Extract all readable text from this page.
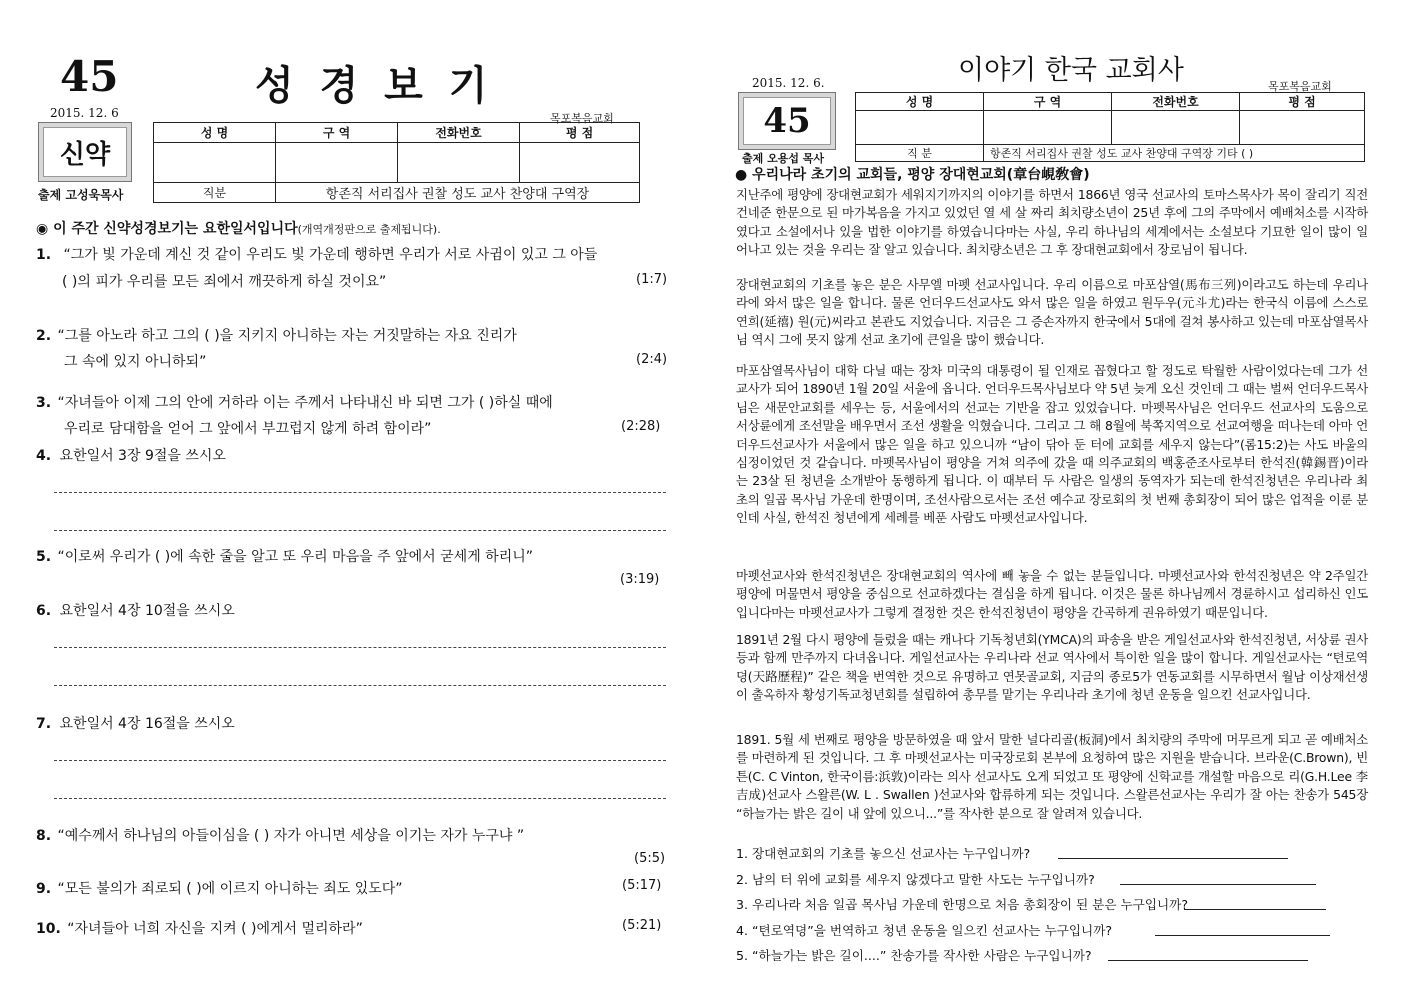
45	성 경 보 기
2015. 12. 6	목포복음교회
신약
출제 고성욱목사
성 명	구 역	전화번호	평 점

직분	항존직 서리집사 권찰 성도 교사 찬양대 구역장		
◉ 이 주간 신약성경보기는 요한일서입니다(개역개정판으로 출제됩니다).
1. “그가 빛 가운데 계신 것 같이 우리도 빛 가운데 행하면 우리가 서로 사귐이 있고 그 아들
( )의 피가 우리를 모든 죄에서 깨끗하게 하실 것이요”	(1:7)
2. “그를 아노라 하고 그의 ( )을 지키지 아니하는 자는 거짓말하는 자요 진리가
그 속에 있지 아니하되”	(2:4)
3. “자녀들아 이제 그의 안에 거하라 이는 주께서 나타내신 바 되면 그가 ( )하실 때에
우리로 담대함을 얻어 그 앞에서 부끄럽지 않게 하려 함이라”	(2:28)
4. 요한일서 3장 9절을 쓰시오
5. “이로써 우리가 ( )에 속한 줄을 알고 또 우리 마음을 주 앞에서 굳세게 하리니”
(3:19)
6. 요한일서 4장 10절을 쓰시오
7. 요한일서 4장 16절을 쓰시오
8. “예수께서 하나님의 아들이심을 ( ) 자가 아니면 세상을 이기는 자가 누구냐 ”
(5:5)
9. “모든 불의가 죄로되 ( )에 이르지 아니하는 죄도 있도다”	(5:17)
10. “자녀들아 너희 자신을 지켜 ( )에게서 멀리하라”	(5:21)
이야기 한국 교회사
2015. 12. 6.	목포복음교회
45
출제 오용섭 목사
성 명	구 역	전화번호	평 점

직 분	항존직 서리집사 권찰 성도 교사 찬양대 구역장 기타 ( )		
● 우리나라 초기의 교회들, 평양 장대현교회(章台峴敎會)
지난주에 평양에 장대현교회가 세워지기까지의 이야기를 하면서 1866년 영국 선교사의 토마스목사가 목이 잘리기 직전 건네준 한문으로 된 마가복음을 가지고 있었던 열 세 살 짜리 최치량소년이 25년 후에 그의 주막에서 예배처소를 시작하였다고 소설에서나 있을 법한 이야기를 하였습니다마는 사실, 우리 하나님의 세계에서는 소설보다 기묘한 일이 많이 일어나고 있는 것을 우리는 잘 알고 있습니다. 최치량소년은 그 후 장대현교회에서 장로님이 됩니다.
장대현교회의 기초를 놓은 분은 사무엘 마펫 선교사입니다. 우리 이름으로 마포삼열(馬布三列)이라고도 하는데 우리나라에 와서 많은 일을 합니다. 물론 언더우드선교사도 와서 많은 일을 하였고 원두우(元斗尤)라는 한국식 이름에 스스로 연희(延禧) 원(元)씨라고 본관도 지었습니다. 지금은 그 증손자까지 한국에서 5대에 걸쳐 봉사하고 있는데 마포삼열목사님 역시 그에 못지 않게 선교 초기에 큰일을 많이 했습니다.
마포삼열목사님이 대학 다닐 때는 장차 미국의 대통령이 될 인재로 꼽혔다고 할 정도로 탁월한 사람이었다는데 그가 선교사가 되어 1890년 1월 20일 서울에 옵니다. 언더우드목사님보다 약 5년 늦게 오신 것인데 그 때는 벌써 언더우드목사님은 새문안교회를 세우는 등, 서울에서의 선교는 기반을 잡고 있었습니다. 마펫목사님은 언더우드 선교사의 도움으로 서상륜에게 조선말을 배우면서 조선 생활을 익혔습니다. 그리고 그 해 8월에 북쪽지역으로 선교여행을 떠나는데 아마 언더우드선교사가 서울에서 많은 일을 하고 있으니까 “남이 닦아 둔 터에 교회를 세우지 않는다”(롬15:2)는 사도 바울의 심정이었던 것 같습니다. 마펫목사님이 평양을 거쳐 의주에 갔을 때 의주교회의 백홍준조사로부터 한석진(韓錫晋)이라는 23살 된 청년을 소개받아 동행하게 됩니다. 이 때부터 두 사람은 일생의 동역자가 되는데 한석진청년은 우리나라 최초의 일곱 목사님 가운데 한명이며, 조선사람으로서는 조선 예수교 장로회의 첫 번째 총회장이 되어 많은 업적을 이룬 분인데 사실, 한석진 청년에게 세례를 베푼 사람도 마펫선교사입니다.
마펫선교사와 한석진청년은 장대현교회의 역사에 빼 놓을 수 없는 분들입니다. 마펫선교사와 한석진청년은 약 2주일간 평양에 머물면서 평양을 중심으로 선교하겠다는 결심을 하게 됩니다. 이것은 물론 하나님께서 경륜하시고 섭리하신 인도입니다마는 마펫선교사가 그렇게 결정한 것은 한석진청년이 평양을 간곡하게 권유하였기 때문입니다.
1891년 2월 다시 평양에 들렀을 때는 캐나다 기독청년회(YMCA)의 파송을 받은 게일선교사와 한석진청년, 서상륜 권사 등과 함께 만주까지 다녀옵니다. 게일선교사는 우리나라 선교 역사에서 특이한 일을 많이 합니다. 게일선교사는 “텬로역뎡(天路歷程)” 같은 책을 번역한 것으로 유명하고 연못골교회, 지금의 종로5가 연동교회를 시무하면서 월남 이상재선생이 출옥하자 황성기독교청년회를 설립하여 총무를 맡기는 우리나라 초기에 청년 운동을 일으킨 선교사입니다.
1891. 5월 세 번째로 평양을 방문하였을 때 앞서 말한 널다리골(板洞)에서 최치량의 주막에 머무르게 되고 곧 예배처소를 마련하게 된 것입니다. 그 후 마펫선교사는 미국장로회 본부에 요청하여 많은 지원을 받습니다. 브라운(C.Brown), 빈튼(C. C Vinton, 한국이름:浜敦)이라는 의사 선교사도 오게 되었고 또 평양에 신학교를 개설할 마음으로 리(G.H.Lee 李吉成)선교사 스왈른(W. L . Swallen )선교사와 합류하게 되는 것입니다. 스왈른선교사는 우리가 잘 아는 찬송가 545장 “하늘가는 밝은 길이 내 앞에 있으니...”를 작사한 분으로 잘 알려져 있습니다.
1. 장대현교회의 기초를 놓으신 선교사는 누구입니까?
2. 남의 터 위에 교회를 세우지 않겠다고 말한 사도는 누구입니까?
3. 우리나라 처음 일곱 목사님 가운데 한명으로 처음 총회장이 된 분은 누구입니까?
4. “텬로역뎡”을 번역하고 청년 운동을 일으킨 선교사는 누구입니까?
5. “하늘가는 밝은 길이....” 찬송가를 작사한 사람은 누구입니까?
